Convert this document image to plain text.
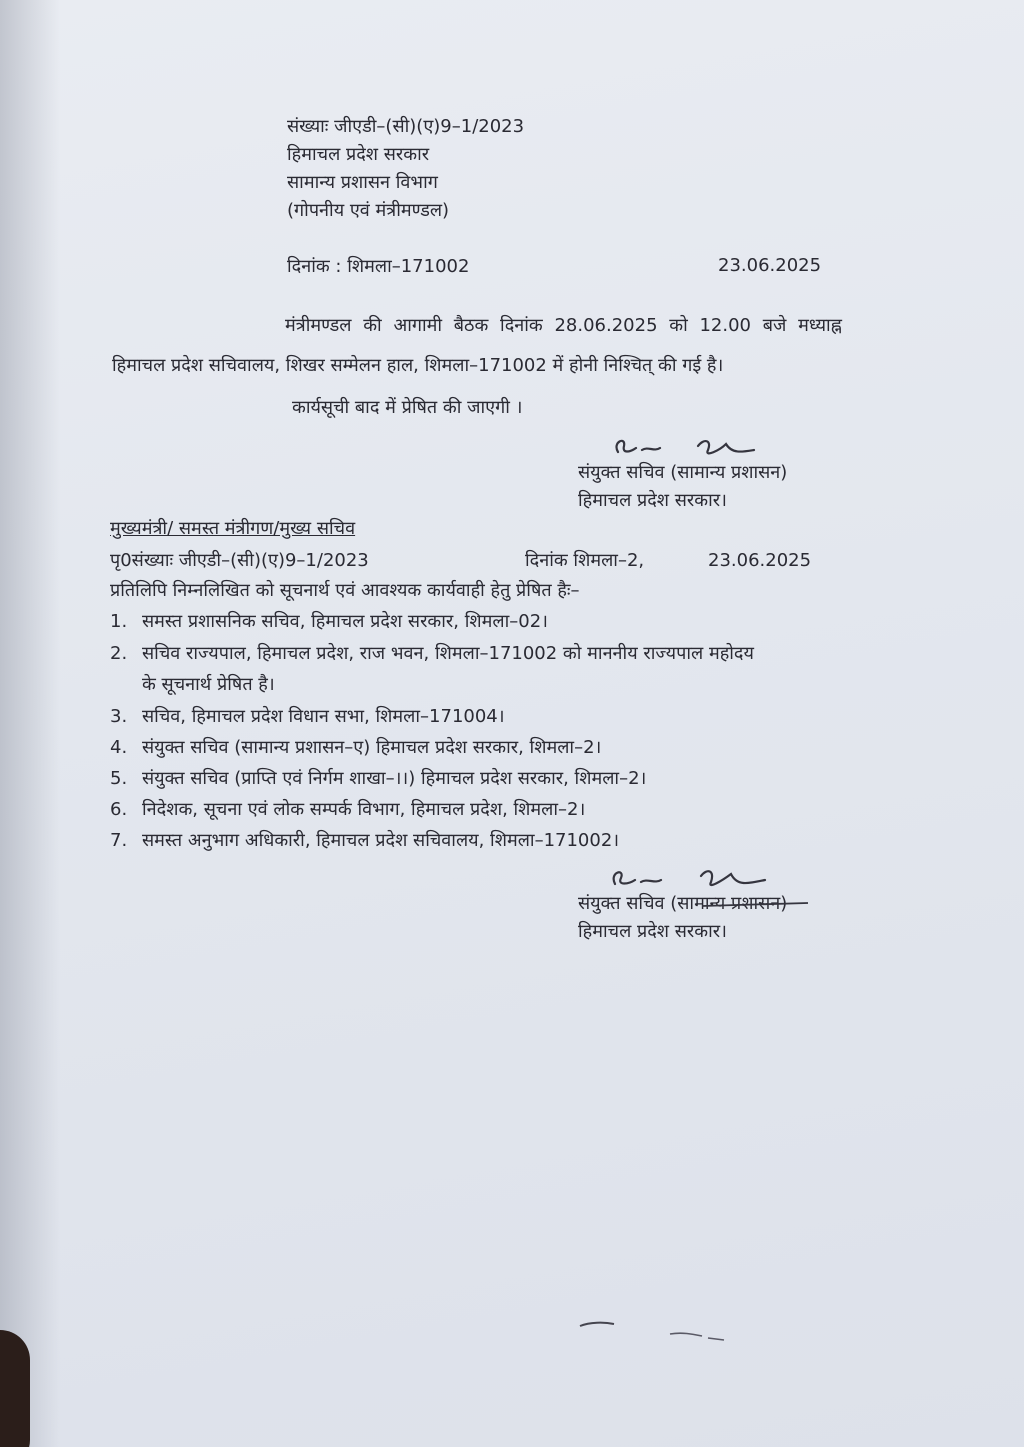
संख्याः जीएडी–(सी)(ए)9–1/2023
हिमाचल प्रदेश सरकार
सामान्य प्रशासन विभाग
(गोपनीय एवं मंत्रीमण्डल)
दिनांक : शिमला–171002	23.06.2025
मंत्रीमण्डल की आगामी बैठक दिनांक 28.06.2025 को 12.00 बजे मध्याह्न
हिमाचल प्रदेश सचिवालय, शिखर सम्मेलन हाल, शिमला–171002 में होनी निश्चित् की गई है।
कार्यसूची बाद में प्रेषित की जाएगी ।
संयुक्त सचिव (सामान्य प्रशासन)
हिमाचल प्रदेश सरकार।
मुख्यमंत्री/ समस्त मंत्रीगण/मुख्य सचिव
पृ0संख्याः जीएडी–(सी)(ए)9–1/2023	दिनांक शिमला–2,	23.06.2025
प्रतिलिपि निम्नलिखित को सूचनार्थ एवं आवश्यक कार्यवाही हेतु प्रेषित हैः–
1. समस्त प्रशासनिक सचिव, हिमाचल प्रदेश सरकार, शिमला–02।
2. सचिव राज्यपाल, हिमाचल प्रदेश, राज भवन, शिमला–171002 को माननीय राज्यपाल महोदय
के सूचनार्थ प्रेषित है।
3. सचिव, हिमाचल प्रदेश विधान सभा, शिमला–171004।
4. संयुक्त सचिव (सामान्य प्रशासन–ए) हिमाचल प्रदेश सरकार, शिमला–2।
5. संयुक्त सचिव (प्राप्ति एवं निर्गम शाखा–।।) हिमाचल प्रदेश सरकार, शिमला–2।
6. निदेशक, सूचना एवं लोक सम्पर्क विभाग, हिमाचल प्रदेश, शिमला–2।
7. समस्त अनुभाग अधिकारी, हिमाचल प्रदेश सचिवालय, शिमला–171002।
संयुक्त सचिव (सामान्य प्रशासन)
हिमाचल प्रदेश सरकार।
